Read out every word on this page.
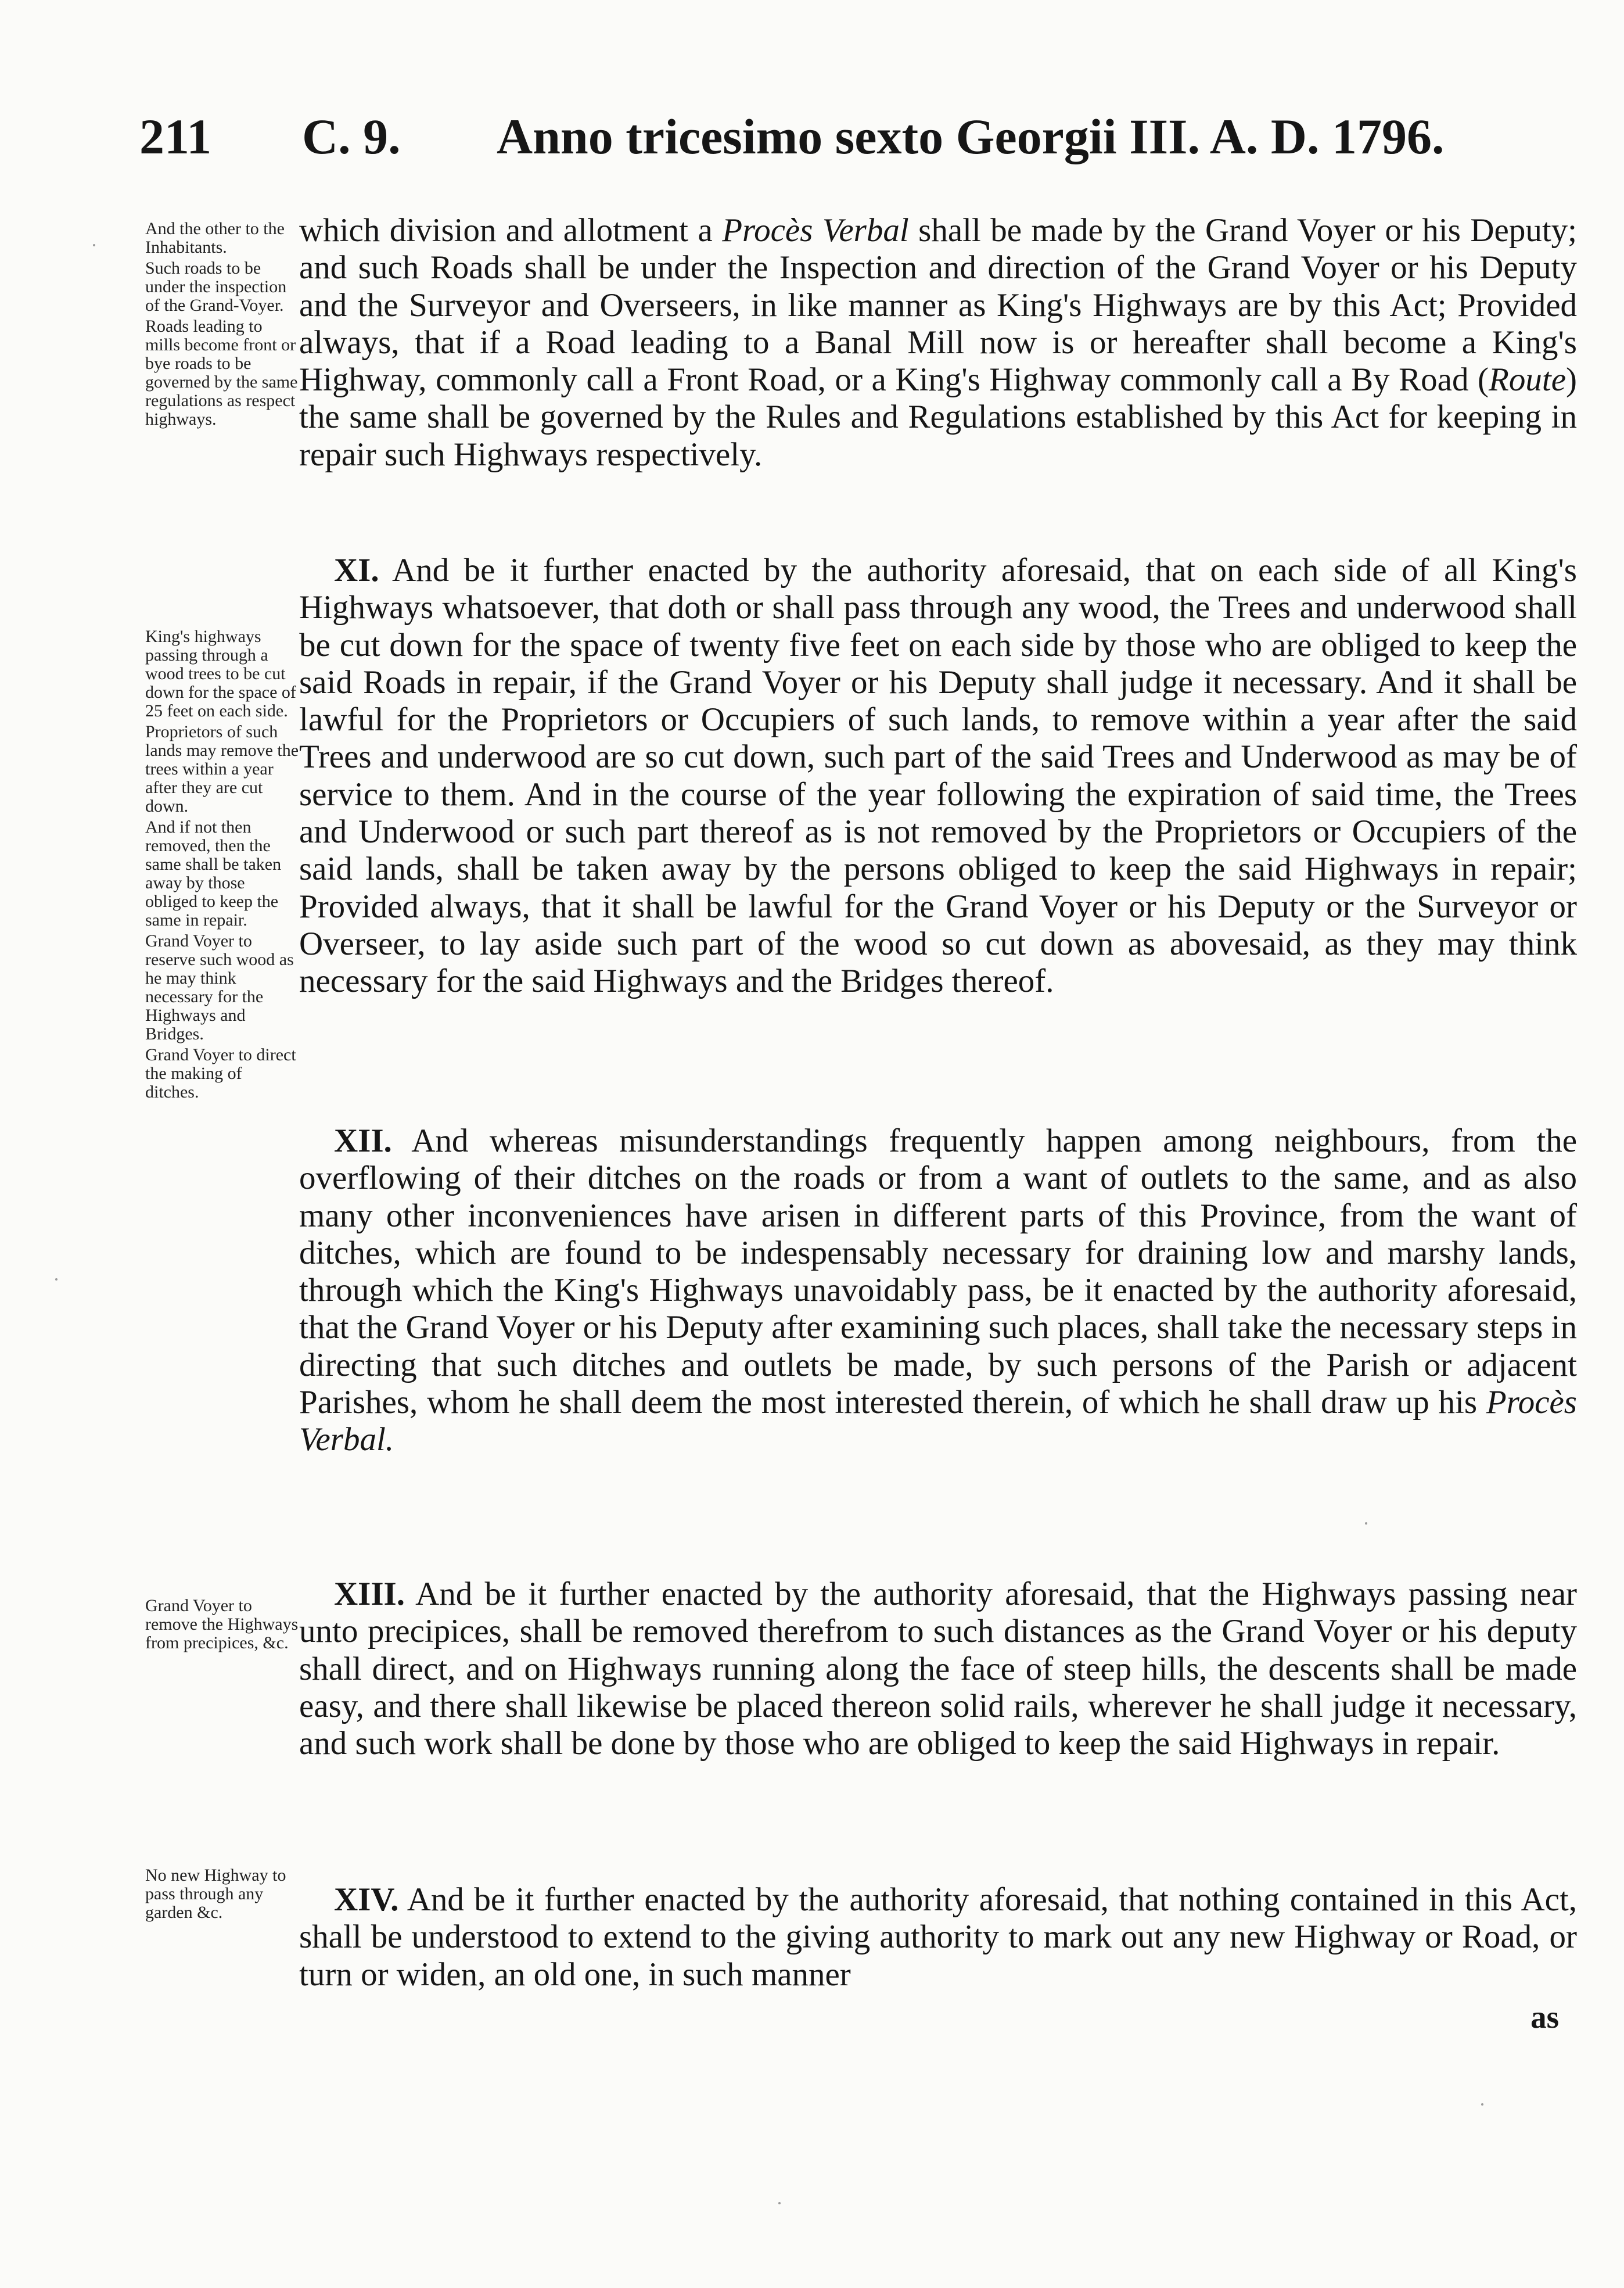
211 C. 9. Anno tricesimo sexto Georgii III. A. D. 1796.
And the other to the Inhabitants.
Such roads to be under the inspection of the Grand-Voyer.
Roads leading to mills become front or bye roads to be governed by the same regulations as respect highways.
King's highways passing through a wood trees to be cut down for the space of 25 feet on each side.
Proprietors of such lands may remove the trees within a year after they are cut down.
And if not then removed, then the same shall be taken away by those obliged to keep the same in repair.
Grand Voyer to reserve such wood as he may think necessary for the Highways and Bridges.
Grand Voyer to direct the making of ditches.
Grand Voyer to remove the Highways from precipices, &c.
No new Highway to pass through any garden &c.
which division and allotment a Procès Verbal shall be made by the Grand Voyer or his Deputy; and such Roads shall be under the Inspection and direction of the Grand Voyer or his Deputy and the Surveyor and Overseers, in like manner as King's Highways are by this Act; Provided always, that if a Road leading to a Banal Mill now is or hereafter shall become a King's Highway, commonly call a Front Road, or a King's Highway commonly call a By Road (Route) the same shall be governed by the Rules and Regulations established by this Act for keeping in repair such Highways respectively.
XI. And be it further enacted by the authority aforesaid, that on each side of all King's Highways whatsoever, that doth or shall pass through any wood, the Trees and underwood shall be cut down for the space of twenty five feet on each side by those who are obliged to keep the said Roads in repair, if the Grand Voyer or his Deputy shall judge it necessary. And it shall be lawful for the Proprietors or Occupiers of such lands, to remove within a year after the said Trees and underwood are so cut down, such part of the said Trees and Underwood as may be of service to them. And in the course of the year following the expiration of said time, the Trees and Underwood or such part thereof as is not removed by the Proprietors or Occupiers of the said lands, shall be taken away by the persons obliged to keep the said Highways in repair; Provided always, that it shall be lawful for the Grand Voyer or his Deputy or the Surveyor or Overseer, to lay aside such part of the wood so cut down as abovesaid, as they may think necessary for the said Highways and the Bridges thereof.
XII. And whereas misunderstandings frequently happen among neighbours, from the overflowing of their ditches on the roads or from a want of outlets to the same, and as also many other inconveniences have arisen in different parts of this Province, from the want of ditches, which are found to be indespensably necessary for draining low and marshy lands, through which the King's Highways unavoidably pass, be it enacted by the authority aforesaid, that the Grand Voyer or his Deputy after examining such places, shall take the necessary steps in directing that such ditches and outlets be made, by such persons of the Parish or adjacent Parishes, whom he shall deem the most interested therein, of which he shall draw up his Procès Verbal.
XIII. And be it further enacted by the authority aforesaid, that the Highways passing near unto precipices, shall be removed therefrom to such distances as the Grand Voyer or his deputy shall direct, and on Highways running along the face of steep hills, the descents shall be made easy, and there shall likewise be placed thereon solid rails, wherever he shall judge it necessary, and such work shall be done by those who are obliged to keep the said Highways in repair.
XIV. And be it further enacted by the authority aforesaid, that nothing contained in this Act, shall be understood to extend to the giving authority to mark out any new Highway or Road, or turn or widen, an old one, in such manner
as
